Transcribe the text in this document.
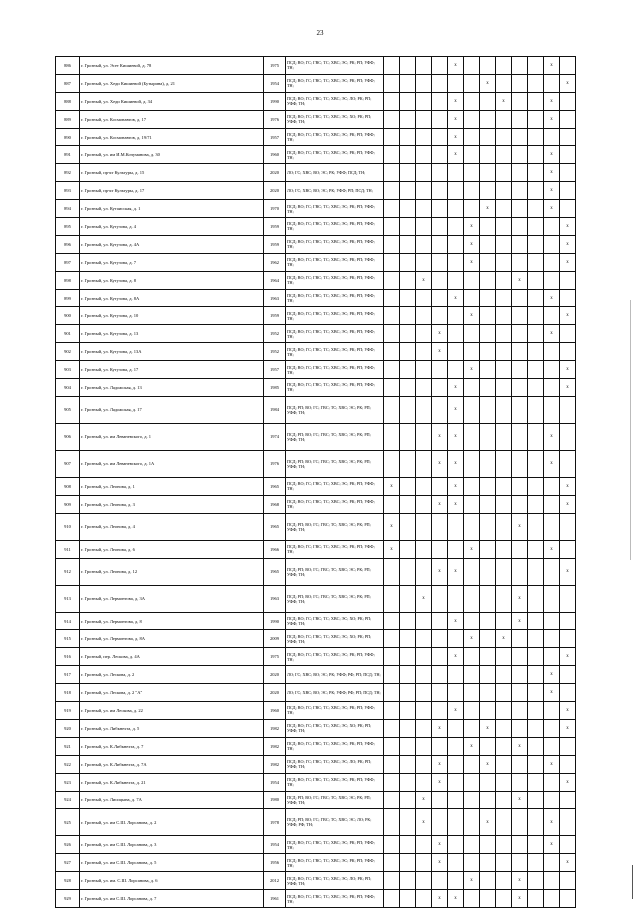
23
886	г. Грозный, ул. Эсет Кишиевой, д. 78	1975	ПСД; ВО; ГС; ГВС; ТС; ХВС; ЭС; РК; РП; УФФ; ТН;					x						x	
887	г. Грозный, ул. Хеди Кишиевой (Бутырина), д. 21	1954	ПСД; ВО; ГС; ГВС; ТС; ХВС; ЭС; РК; РП; УФФ; ТН;							x					x
888	г. Грозный, ул. Хеди Кишиевой, д. 34	1990	ПСД; ВО; ГС; ГВС; ТС; ХВС; ЭС; ЛО; РК; РП; УФФ; ТН;					x			x			x	
889	г. Грозный, ул. Космонавтов, д. 17	1976	ПСД; ВО; ГС; ГВС; ТС; ХВС; ЭС; ХО; РК; РП; УФФ; ТН;					x						x	
890	г. Грозный, ул. Космонавтов, д. 19/71	1957	ПСД; ВО; ГС; ГВС; ТС; ХВС; ЭС; РК; РП; УФФ; ТН;					x							
891	г. Грозный, ул. им И.М.Кочуманова, д. 30	1960	ПСД; ВО; ГС; ГВС; ТС; ХВС; ЭС; РК; РП; УФФ; ТН;					x						x	
892	г. Грозный, пр-кт Культуры, д. 15	2020	ЛО; ГС; ХВС; ВО; ЭС; РК; УФФ; ПСД; ТН;											x	
893	г. Грозный, пр-кт Культуры, д. 17	2020	ЛО; ГС; ХВС; ВО; ЭС; РК; УФФ; РП; ПСД; ТН;											x	
894	г. Грозный, ул. Кутаисская, д. 1	1970	ПСД; ВО; ГС; ГВС; ТС; ХВС; ЭС; РК; РП; УФФ; ТН;							x				x	
895	г. Грозный, ул. Кутузова, д. 4	1959	ПСД; ВО; ГС; ГВС; ТС; ХВС; ЭС; РК; РП; УФФ; ТН;						x						x
896	г. Грозный, ул. Кутузова, д. 4А	1959	ПСД; ВО; ГС; ГВС; ТС; ХВС; ЭС; РК; РП; УФФ; ТН;						x						x
897	г. Грозный, ул. Кутузова, д. 7	1962	ПСД; ВО; ГС; ГВС; ТС; ХВС; ЭС; РК; РП; УФФ; ТН;						x						x
898	г. Грозный, ул. Кутузова, д. 8	1964	ПСД; ВО; ГС; ГВС; ТС; ХВС; ЭС; РК; РП; УФФ; ТН;			x						x			
899	г. Грозный, ул. Кутузова, д. 8А	1963	ПСД; ВО; ГС; ГВС; ТС; ХВС; ЭС; РК; РП; УФФ; ТН;					x						x	
900	г. Грозный, ул. Кутузова, д. 10	1959	ПСД; ВО; ГС; ГВС; ТС; ХВС; ЭС; РК; РП; УФФ; ТН;						x						x
901	г. Грозный, ул. Кутузова, д. 13	1952	ПСД; ВО; ГС; ГВС; ТС; ХВС; ЭС; РК; РП; УФФ; ТН;				x							x	
902	г. Грозный, ул. Кутузова, д. 13А	1952	ПСД; ВО; ГС; ГВС; ТС; ХВС; ЭС; РК; РП; УФФ; ТН;				x								
903	г. Грозный, ул. Кутузова, д. 17	1957	ПСД; ВО; ГС; ГВС; ТС; ХВС; ЭС; РК; РП; УФФ; ТН;						x						x
904	г. Грозный, ул. Лaдожская, д. 13	1985	ПСД; ВО; ГС; ГВС; ТС; ХВС; ЭС; РК; РП; УФФ; ТН;					x							x
905	г. Грозный, ул. Лaдожская, д. 17	1984	ПСД; РП; ВО; ГС; ГВС; ТС; ХВС; ЭС; РК; РП; УФФ; ТН;					x							
906	г. Грозный, ул. им Леваневского, д. 1	1974	ПСД; РП; ВО; ГС; ГВС; ТС; ХВС; ЭС; РК; РП; УФФ; ТН;				x	x						x	
907	г. Грозный, ул. им Леваневского, д. 1А	1976	ПСД; РП; ВО; ГС; ГВС; ТС; ХВС; ЭС; РК; РП; УФФ; ТН;				x	x						x	
908	г. Грозный, ул. Леонова, д. 1	1965	ПСД; ВО; ГС; ГВС; ТС; ХВС; ЭС; РК; РП; УФФ; ТН;	x				x							x
909	г. Грозный, ул. Леонова, д. 3	1968	ПСД; ВО; ГС; ГВС; ТС; ХВС; ЭС; РК; РП; УФФ; ТН;				x	x							x
910	г. Грозный, ул. Леонова, д. 4	1965	ПСД; РП; ВО; ГС; ГВС; ТС; ХВС; ЭС; РК; РП; УФФ; ТН;	x								x			
911	г. Грозный, ул. Леонова, д. 6	1966	ПСД; ВО; ГС; ГВС; ТС; ХВС; ЭС; РК; РП; УФФ; ТН;	x					x					x	
912	г. Грозный, ул. Леонова, д. 12	1965	ПСД; РП; ВО; ГС; ГВС; ТС; ХВС; ЭС; РК; РП; УФФ; ТН;				x	x							x
913	г. Грозный, ул. Лермонтова, д. 3А	1963	ПСД; РП; ВО; ГС; ГВС; ТС; ХВС; ЭС; РК; РП; УФФ; ТН;			x						x			
914	г. Грозный, ул. Лермонтова, д. 8	1990	ПСД; ВО; ГС; ГВС; ТС; ХВС; ЭС; ХО; РК; РП; УФФ; ТН;					x				x			
915	г. Грозный, ул. Лермонтова, д. 8А	2009	ПСД; ВО; ГС; ГВС; ТС; ХВС; ЭС; ХО; РК; РП; УФФ; ТН;						x		x				
916	г. Грозный, пер. Лескова, д. 4А	1975	ПСД; ВО; ГС; ГВС; ТС; ХВС; ЭС; РК; РП; УФФ; ТН;					x							x
917	г. Грозный, ул. Лескова, д. 2	2020	ЛО; ГС; ХВС; ВО; ЭС; РК; УФФ; РФ; РП; ПСД; ТН;											x	
918	г. Грозный, ул. Лескова, д. 2 "А"	2020	ЛО; ГС; ХВС; ВО; ЭС; РК; УФФ; РФ; РП; ПСД; ТН;											x	
919	г. Грозный, ул. им Лескова, д. 22	1960	ПСД; ВО; ГС; ГВС; ТС; ХВС; ЭС; РК; РП; УФФ; ТН;					x							x
920	г. Грозный, ул. Либкнехта, д. 5	1982	ПСД; ВО; ГС; ГВС; ТС; ХВС; ЭС; ХО; РК; РП; УФФ; ТН;				x			x					x
921	г. Грозный, ул. К.Либкнехта, д. 7	1982	ПСД; ВО; ГС; ГВС; ТС; ХВС; ЭС; РК; РП; УФФ; ТН;						x			x			
922	г. Грозный, ул. К.Либкнехта, д. 7А	1982	ПСД; ВО; ГС; ГВС; ТС; ХВС; ЭС; ЛО; РК; РП; УФФ; ТН;				x			x				x	
923	г. Грозный, ул. К.Либкнехта, д. 21	1954	ПСД; ВО; ГС; ГВС; ТС; ХВС; ЭС; РК; РП; УФФ; ТН;				x								x
924	г. Грозный, ул. Лисицына, д. 7А	1980	ПСД; РП; ВО; ГС; ГВС; ТС; ХВС; ЭС; РК; РП; УФФ; ТН;			x						x			
925	г. Грозный, ул. им С.Ш. Лорсанова, д. 2	1978	ПСД; РП; ВО; ГС; ГВС; ТС; ХВС; ЭС; ЛО; РК; УФФ; РФ; ТН;			x				x				x	
926	г. Грозный, ул. им С.Ш. Лорсанова, д. 3	1954	ПСД; ВО; ГС; ГВС; ТС; ХВС; ЭС; РК; РП; УФФ; ТН;				x							x	
927	г. Грозный, ул. им С.Ш. Лорсанова, д. 5	1956	ПСД; ВО; ГС; ГВС; ТС; ХВС; ЭС; РК; РП; УФФ; ТН;				x								x
928	г. Грозный, ул. им. С.Ш. Лорсанова, д. 6	2012	ПСД; ВО; ГС; ГВС; ТС; ХВС; ЭС; ЛО; РК; РП; УФФ; ТН;						x			x			
929	г. Грозный, ул. им С.Ш. Лорсанова, д. 7	1961	ПСД; ВО; ГС; ГВС; ТС; ХВС; ЭС; РК; РП; УФФ; ТН;				x	x				x			
